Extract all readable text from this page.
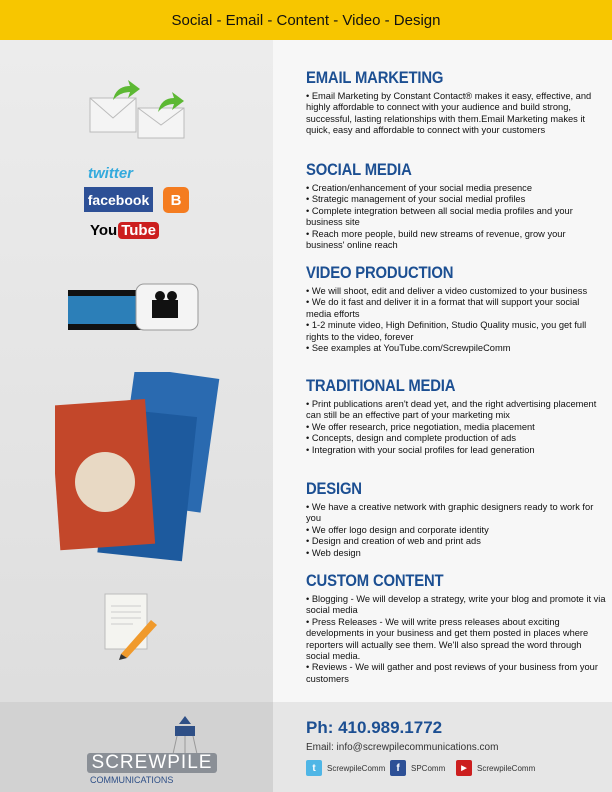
Social - Email - Content - Video - Design
twitter
facebook	B
You Tube
EMAIL MARKETING

• Email Marketing by Constant Contact® makes it easy, effective, and highly affordable to connect with your audience and build strong, successful, lasting relationships with them.Email Marketing makes it quick, easy and affordable to connect with your customers

SOCIAL MEDIA

• Creation/enhancement of your social media presence

• Strategic management of your social medial profiles

• Complete integration between all social media profiles and your business site

• Reach more people, build new streams of revenue, grow your business' online reach

VIDEO PRODUCTION

• We will shoot, edit and deliver a video customized to your business

• We do it fast and deliver it in a format that will support your social media efforts

• 1-2 minute video, High Definition, Studio Quality music, you get full rights to the video, forever

• See examples at YouTube.com/ScrewpileComm

TRADITIONAL MEDIA

• Print publications aren't dead yet, and the right advertising placement can still be an effective part of your marketing mix

• We offer research, price negotiation, media placement

• Concepts, design and complete production of ads

• Integration with your social profiles for lead generation

DESIGN

• We have a creative network with graphic designers ready to work for you

• We offer logo design and corporate identity

• Design and creation of web and print ads

• Web design

CUSTOM CONTENT

• Blogging - We will develop a strategy, write your blog and promote it via social media

• Press Releases - We will write press releases about exciting developments in your business and get them posted in places where reporters will actually see them. We'll also spread the word through social media.

• Reviews - We will gather and post reviews of your business from your customers

SCREWPILE
COMMUNICATIONS
Ph: 410.989.1772
Email: info@screwpilecommunications.com
t	ScrewpileComm	f	SPComm	▶	ScrewpileComm
